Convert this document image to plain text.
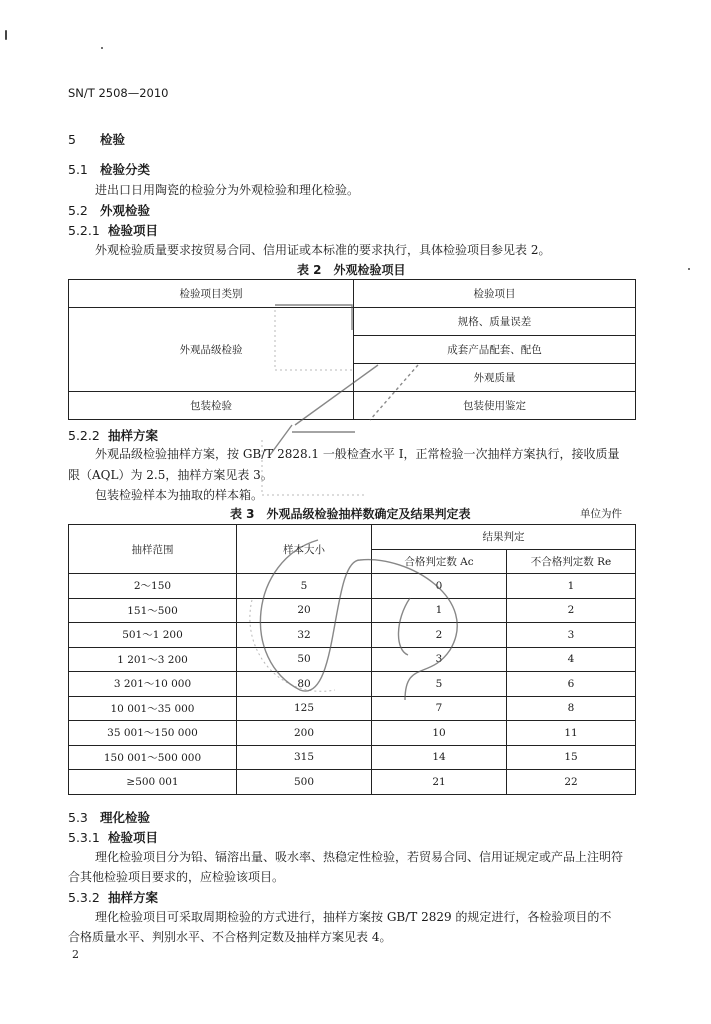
SN/T 2508—2010
5 检验
5.1 检验分类
进出口日用陶瓷的检验分为外观检验和理化检验。
5.2 外观检验
5.2.1 检验项目
外观检验质量要求按贸易合同、信用证或本标准的要求执行，具体检验项目参见表 2。
表 2　外观检验项目
检验项目类别	检验项目
外观品级检验	规格、质量误差
	成套产品配套、配色
	外观质量
包装检验	包装使用鉴定
5.2.2 抽样方案
外观品级检验抽样方案，按 GB/T 2828.1 一般检查水平 I，正常检验一次抽样方案执行，接收质量
限（AQL）为 2.5，抽样方案见表 3。
包装检验样本为抽取的样本箱。
表 3　外观品级检验抽样数确定及结果判定表	单位为件
抽样范围	样本大小	结果判定	
		合格判定数 Ac	不合格判定数 Re
2～150	5	0	1
151～500	20	1	2
501～1 200	32	2	3
1 201～3 200	50	3	4
3 201～10 000	80	5	6
10 001～35 000	125	7	8
35 001～150 000	200	10	11
150 001～500 000	315	14	15
≥500 001	500	21	22
5.3 理化检验
5.3.1 检验项目
理化检验项目分为铅、镉溶出量、吸水率、热稳定性检验，若贸易合同、信用证规定或产品上注明符
合其他检验项目要求的，应检验该项目。
5.3.2 抽样方案
理化检验项目可采取周期检验的方式进行，抽样方案按 GB/T 2829 的规定进行，各检验项目的不
合格质量水平、判别水平、不合格判定数及抽样方案见表 4。
2
